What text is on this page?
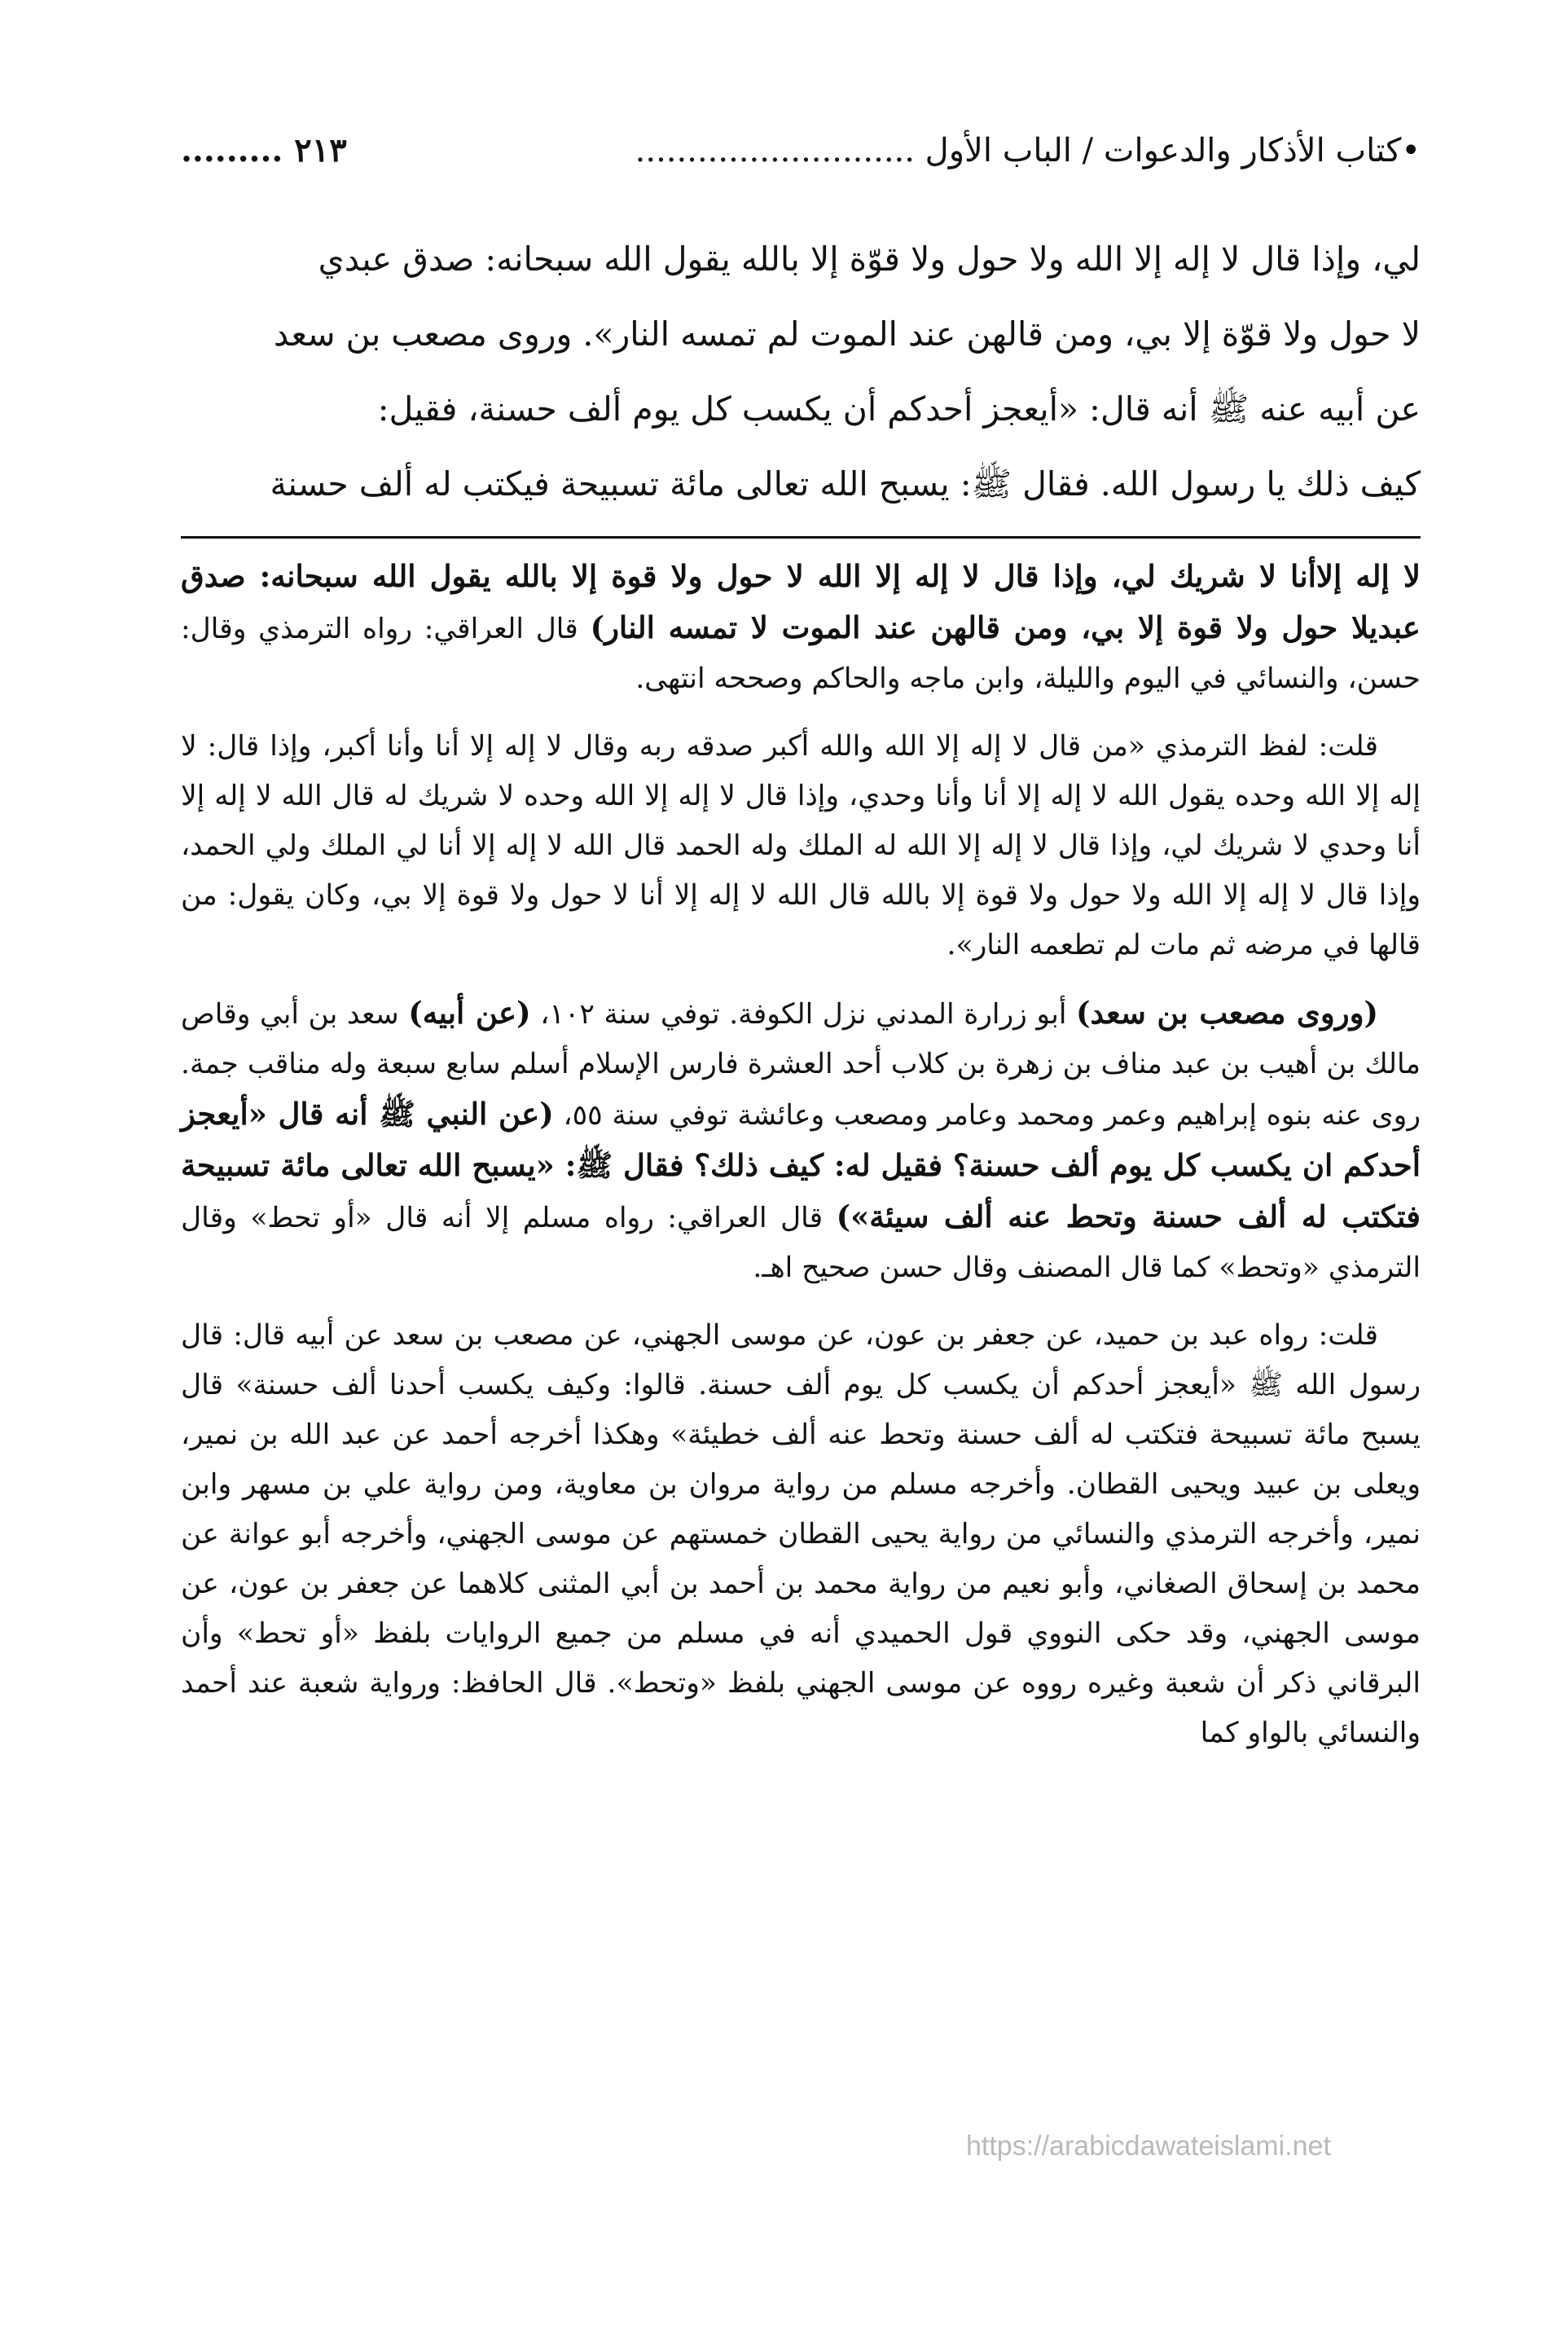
•كتاب الأذكار والدعوات / الباب الأول ...........................
٢١٣ .........

لي، وإذا قال لا إله إلا الله ولا حول ولا قوّة إلا بالله يقول الله سبحانه: صدق عبدي

لا حول ولا قوّة إلا بي، ومن قالهن عند الموت لم تمسه النار». وروى مصعب بن سعد

عن أبيه عنه ﷺ أنه قال: «أيعجز أحدكم أن يكسب كل يوم ألف حسنة، فقيل:

كيف ذلك يا رسول الله. فقال ﷺ: يسبح الله تعالى مائة تسبيحة فيكتب له ألف حسنة

لا إله إلاأنا لا شريك لي، وإذا قال لا إله إلا الله لا حول ولا قوة إلا بالله يقول الله سبحانه: صدق عبديلا حول ولا قوة إلا بي، ومن قالهن عند الموت لا تمسه النار) قال العراقي: رواه الترمذي وقال: حسن، والنسائي في اليوم والليلة، وابن ماجه والحاكم وصححه انتهى.

قلت: لفظ الترمذي «من قال لا إله إلا الله والله أكبر صدقه ربه وقال لا إله إلا أنا وأنا أكبر، وإذا قال: لا إله إلا الله وحده يقول الله لا إله إلا أنا وأنا وحدي، وإذا قال لا إله إلا الله وحده لا شريك له قال الله لا إله إلا أنا وحدي لا شريك لي، وإذا قال لا إله إلا الله له الملك وله الحمد قال الله لا إله إلا أنا لي الملك ولي الحمد، وإذا قال لا إله إلا الله ولا حول ولا قوة إلا بالله قال الله لا إله إلا أنا لا حول ولا قوة إلا بي، وكان يقول: من قالها في مرضه ثم مات لم تطعمه النار».

(وروى مصعب بن سعد) أبو زرارة المدني نزل الكوفة. توفي سنة ١٠٢، (عن أبيه) سعد بن أبي وقاص مالك بن أهيب بن عبد مناف بن زهرة بن كلاب أحد العشرة فارس الإسلام أسلم سابع سبعة وله مناقب جمة. روى عنه بنوه إبراهيم وعمر ومحمد وعامر ومصعب وعائشة توفي سنة ٥٥، (عن النبي ﷺ أنه قال «أيعجز أحدكم ان يكسب كل يوم ألف حسنة؟ فقيل له: كيف ذلك؟ فقال ﷺ: «يسبح الله تعالى مائة تسبيحة فتكتب له ألف حسنة وتحط عنه ألف سيئة») قال العراقي: رواه مسلم إلا أنه قال «أو تحط» وقال الترمذي «وتحط» كما قال المصنف وقال حسن صحيح اهـ.

قلت: رواه عبد بن حميد، عن جعفر بن عون، عن موسى الجهني، عن مصعب بن سعد عن أبيه قال: قال رسول الله ﷺ «أيعجز أحدكم أن يكسب كل يوم ألف حسنة. قالوا: وكيف يكسب أحدنا ألف حسنة» قال يسبح مائة تسبيحة فتكتب له ألف حسنة وتحط عنه ألف خطيئة» وهكذا أخرجه أحمد عن عبد الله بن نمير، ويعلى بن عبيد ويحيى القطان. وأخرجه مسلم من رواية مروان بن معاوية، ومن رواية علي بن مسهر وابن نمير، وأخرجه الترمذي والنسائي من رواية يحيى القطان خمستهم عن موسى الجهني، وأخرجه أبو عوانة عن محمد بن إسحاق الصغاني، وأبو نعيم من رواية محمد بن أحمد بن أبي المثنى كلاهما عن جعفر بن عون، عن موسى الجهني، وقد حكى النووي قول الحميدي أنه في مسلم من جميع الروايات بلفظ «أو تحط» وأن البرقاني ذكر أن شعبة وغيره رووه عن موسى الجهني بلفظ «وتحط». قال الحافظ: ورواية شعبة عند أحمد والنسائي بالواو كما

https://arabicdawateislami.net
